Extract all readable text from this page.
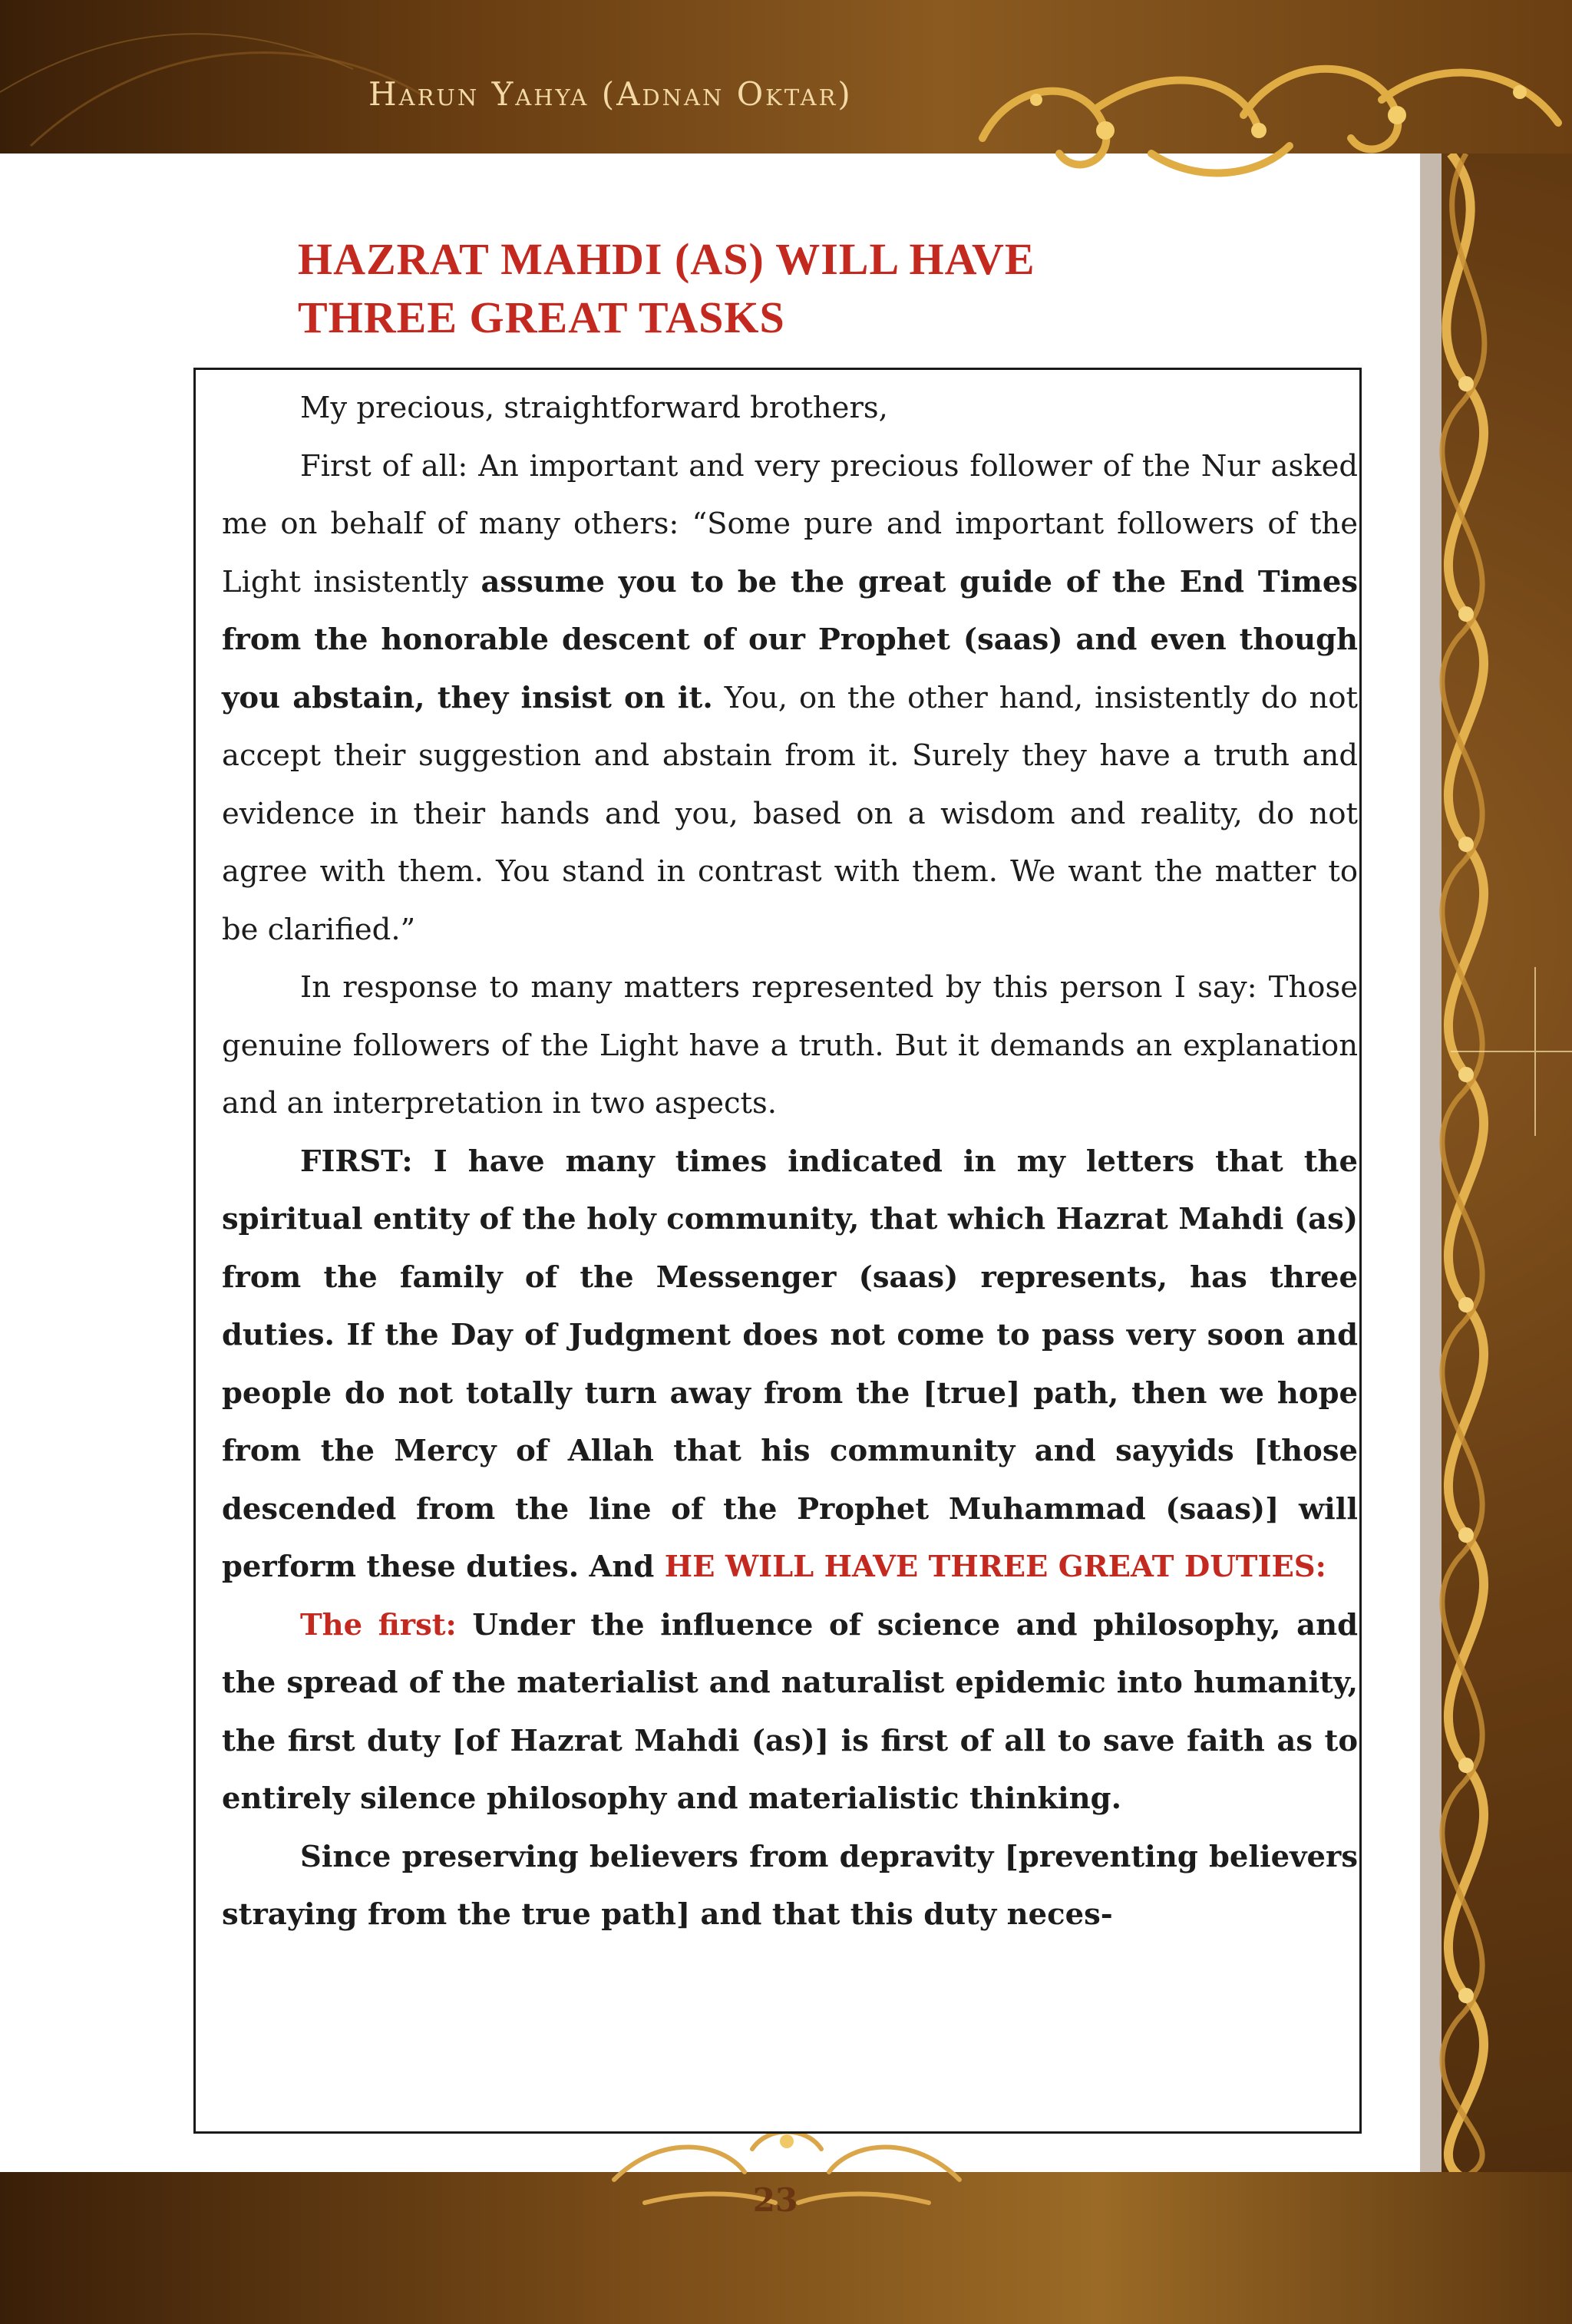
Harun Yahya (Adnan Oktar)

23
HAZRAT MAHDI (AS) WILL HAVE
THREE GREAT TASKS

My precious, straightforward brothers,

First of all: An important and very precious follower of the Nur asked me on behalf of many others: “Some pure and important followers of the Light insistently assume you to be the great guide of the End Times from the honorable descent of our Prophet (saas) and even though you abstain, they insist on it. You, on the other hand, insistently do not accept their suggestion and abstain from it. Surely they have a truth and evidence in their hands and you, based on a wisdom and reality, do not agree with them. You stand in contrast with them. We want the matter to be clarified.”

In response to many matters represented by this person I say: Those genuine followers of the Light have a truth. But it demands an explanation and an interpretation in two aspects.

FIRST: I have many times indicated in my letters that the spiritual entity of the holy community, that which Hazrat Mahdi (as) from the family of the Messenger (saas) represents, has three duties. If the Day of Judgment does not come to pass very soon and people do not totally turn away from the [true] path, then we hope from the Mercy of Allah that his community and sayyids [those descended from the line of the Prophet Muhammad (saas)] will perform these duties. And HE WILL HAVE THREE GREAT DUTIES:

The first: Under the influence of science and philosophy, and the spread of the materialist and naturalist epidemic into humanity, the first duty [of Hazrat Mahdi (as)] is first of all to save faith as to entirely silence philosophy and materialistic thinking.

Since preserving believers from depravity [preventing believers straying from the true path] and that this duty neces-
